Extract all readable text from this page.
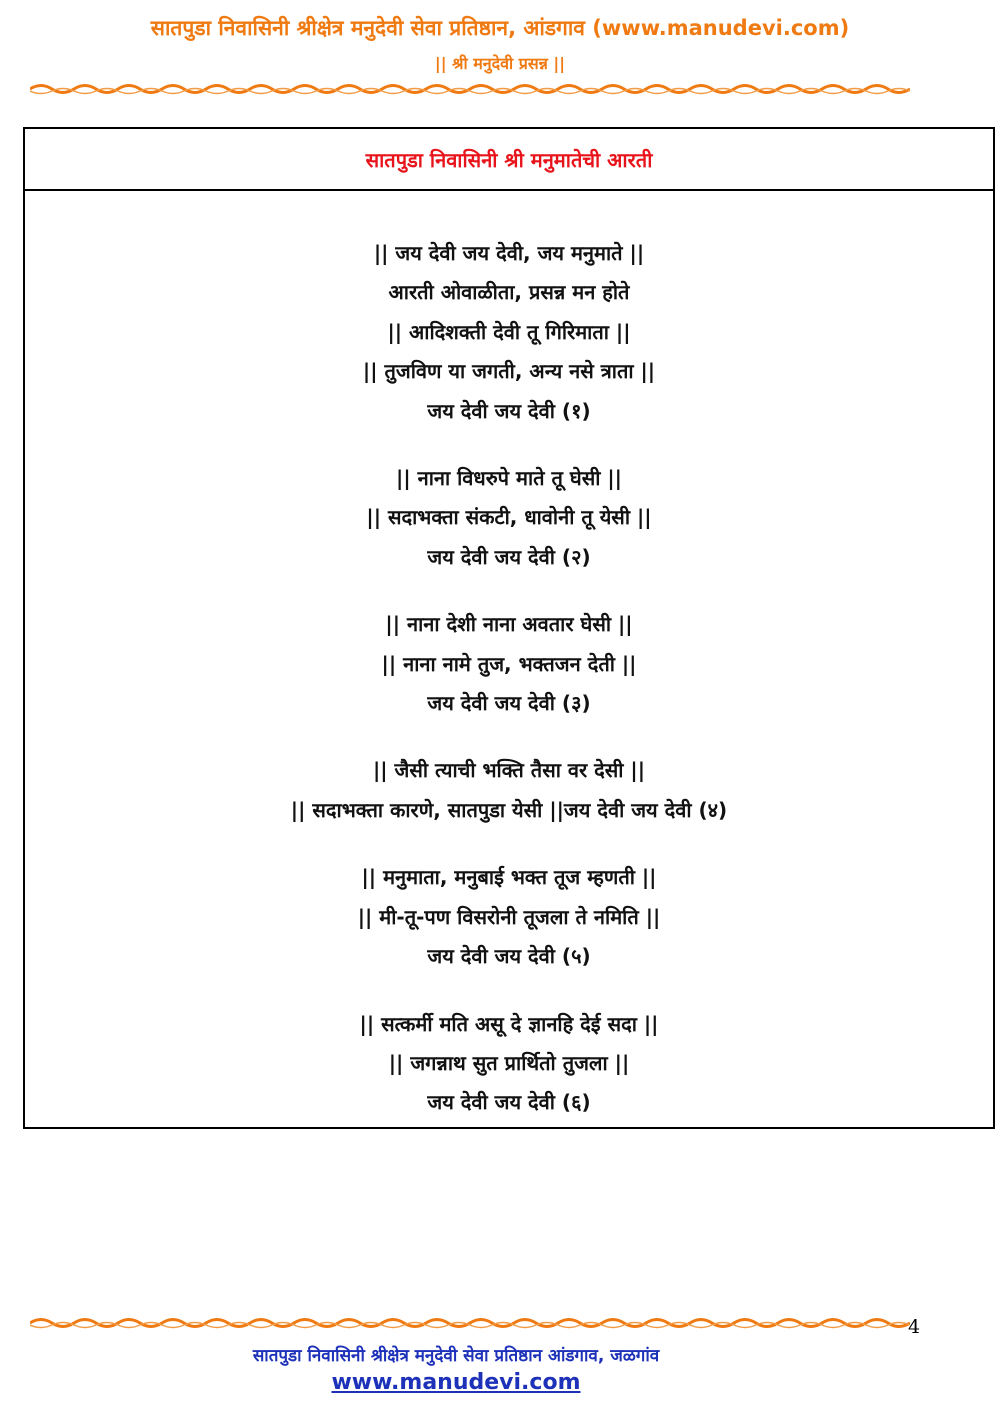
सातपुडा निवासिनी श्रीक्षेत्र मनुदेवी सेवा प्रतिष्ठान, आंडगाव (www.manudevi.com)
|| श्री मनुदेवी प्रसन्न ||
सातपुडा निवासिनी श्री मनुमातेची आरती
|| जय देवी जय देवी, जय मनुमाते ||
आरती ओवाळीता, प्रसन्न मन होते
|| आदिशक्ती देवी तू गिरिमाता ||
|| तुजविण या जगती, अन्य नसे त्राता ||
जय देवी जय देवी (१)
|| नाना विधरुपे माते तू घेसी ||
|| सदाभक्ता संकटी, धावोनी तू येसी ||
जय देवी जय देवी (२)
|| नाना देशी नाना अवतार घेसी ||
|| नाना नामे तुज, भक्तजन देती ||
जय देवी जय देवी (३)
|| जैसी त्याची भक्ति तैसा वर देसी ||
|| सदाभक्ता कारणे, सातपुडा येसी ||जय देवी जय देवी (४)
|| मनुमाता, मनुबाई भक्त तूज म्हणती ||
|| मी-तू-पण विसरोनी तूजला ते नमिति ||
जय देवी जय देवी (५)
|| सत्कर्मी मति असू दे ज्ञानहि देई सदा ||
|| जगन्नाथ सुत प्रार्थितो तुजला ||
जय देवी जय देवी (६)
4
सातपुडा निवासिनी श्रीक्षेत्र मनुदेवी सेवा प्रतिष्ठान आंडगाव, जळगांव
www.manudevi.com
